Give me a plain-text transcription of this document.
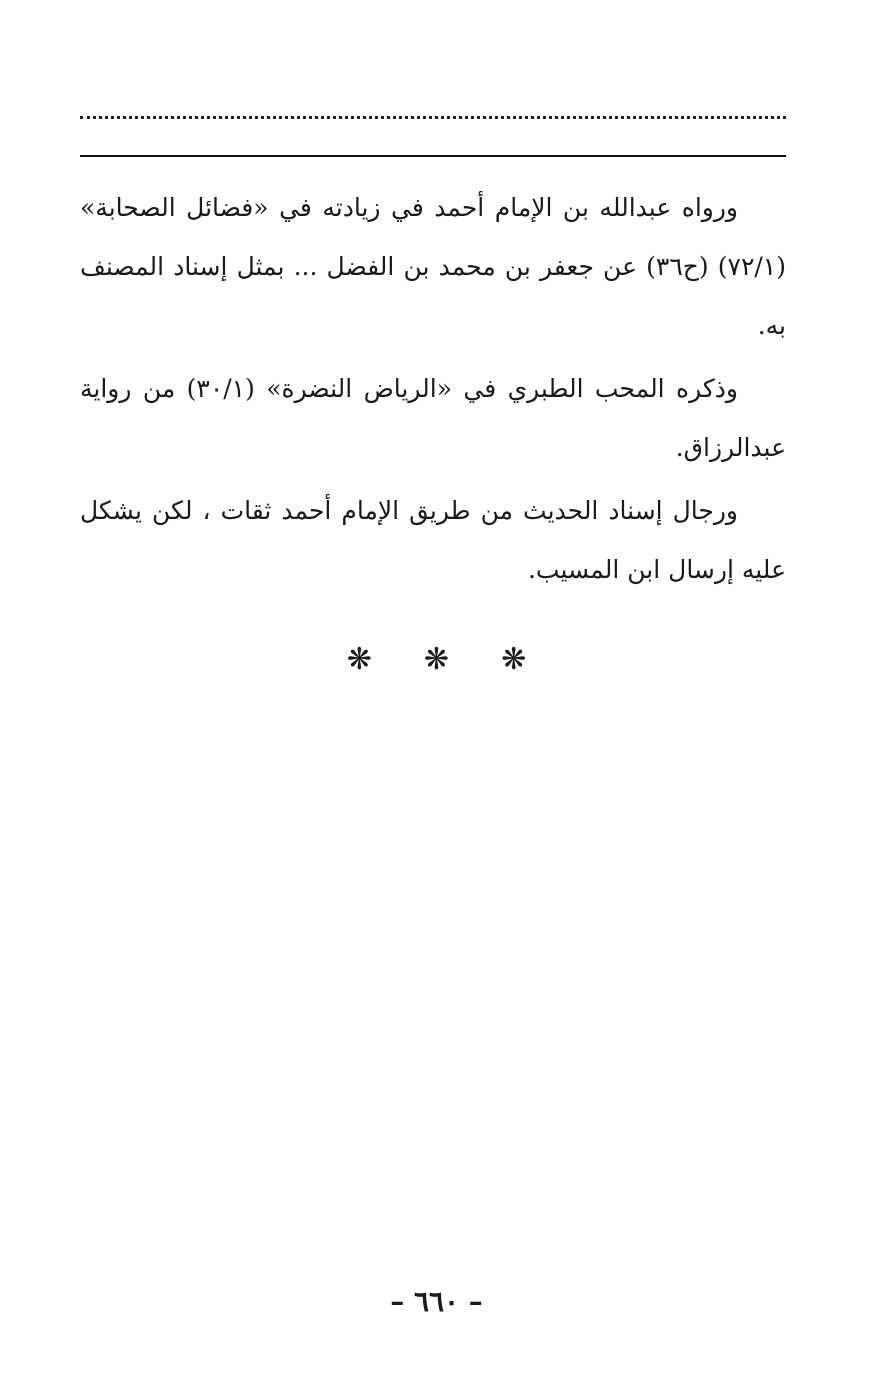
ورواه عبدالله بن الإمام أحمد في زيادته في «فضائل الصحابة» (٧٢/١) (ح٣٦) عن جعفر بن محمد بن الفضل ... بمثل إسناد المصنف به.

وذكره المحب الطبري في «الرياض النضرة» (٣٠/١) من رواية عبدالرزاق.

ورجال إسناد الحديث من طريق الإمام أحمد ثقات ، لكن يشكل عليه إرسال ابن المسيب.

❋ ❋ ❋
– ٦٦٠ –
